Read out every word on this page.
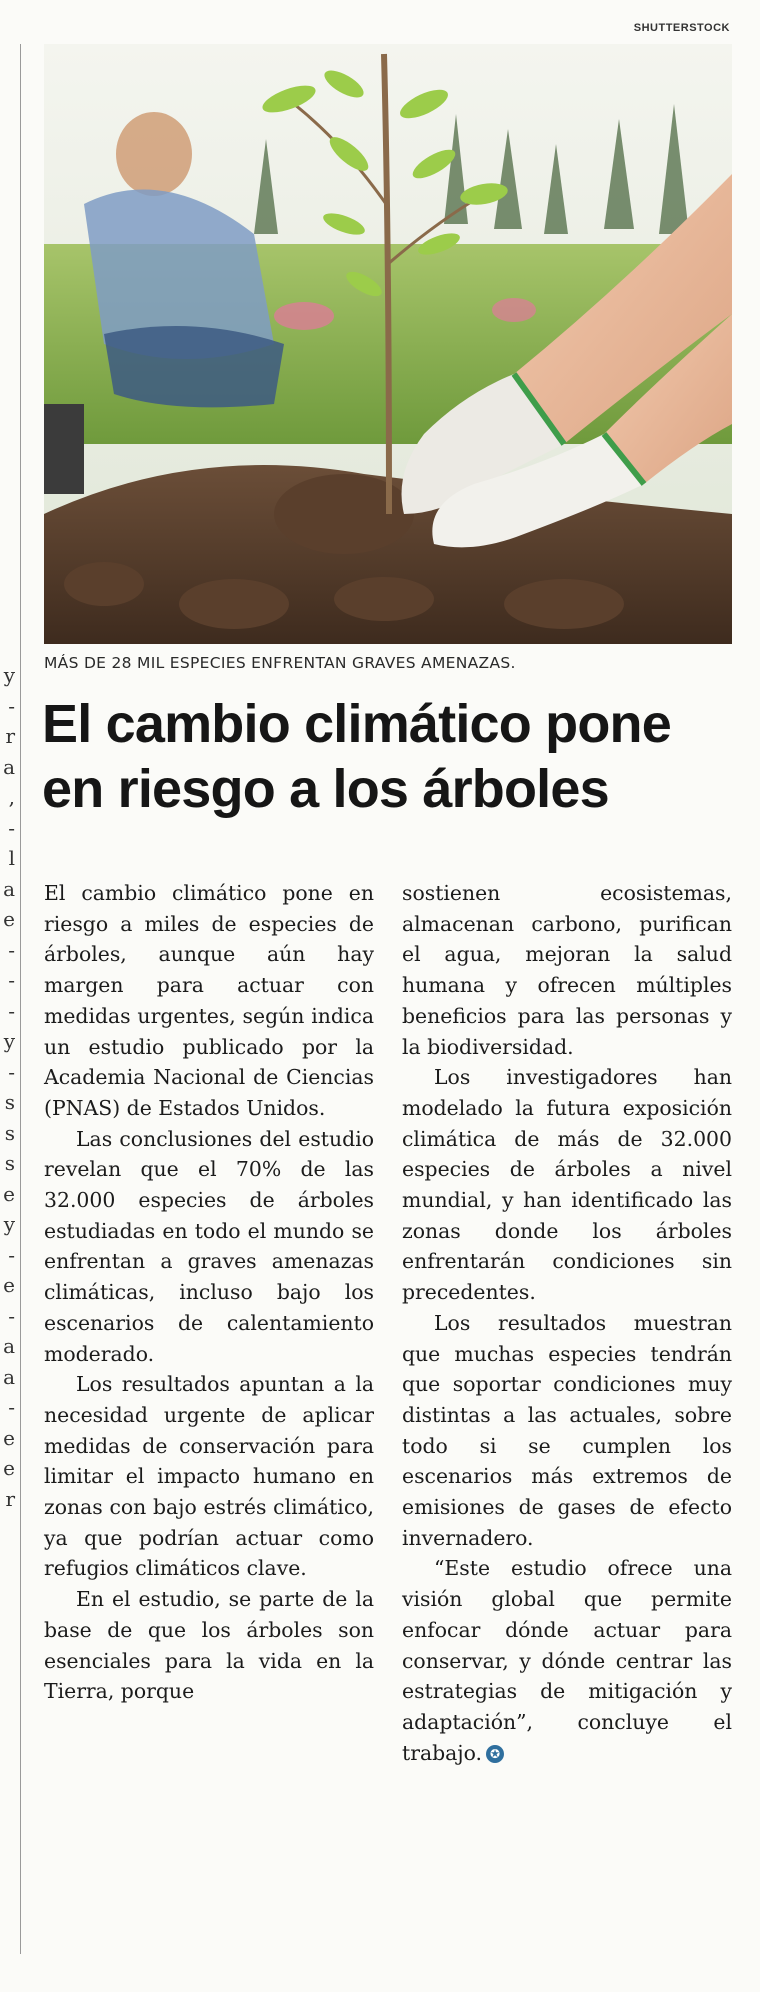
SHUTTERSTOCK
y
-
r
a
,
-
l
a
e
-
-
-
y
-
s
s
s
e
y
-
e
-
a
a
-
e
e
r
MÁS DE 28 MIL ESPECIES ENFRENTAN GRAVES AMENAZAS.
El cambio climático pone en riesgo a los árboles

El cambio climático pone en riesgo a miles de especies de árboles, aunque aún hay margen para actuar con medidas urgentes, según indica un estudio publicado por la Academia Nacional de Ciencias (PNAS) de Estados Unidos.

Las conclusiones del estudio revelan que el 70% de las 32.000 especies de árboles estudiadas en todo el mundo se enfrentan a graves amenazas climáticas, incluso bajo los escenarios de calentamiento moderado.

Los resultados apuntan a la necesidad urgente de aplicar medidas de conservación para limitar el impacto humano en zonas con bajo estrés climático, ya que podrían actuar como refugios climáticos clave.

En el estudio, se parte de la base de que los árboles son esenciales para la vida en la Tierra, porque

sostienen ecosistemas, almacenan carbono, purifican el agua, mejoran la salud humana y ofrecen múltiples beneficios para las personas y la biodiversidad.

Los investigadores han modelado la futura exposición climática de más de 32.000 especies de árboles a nivel mundial, y han identificado las zonas donde los árboles enfrentarán condiciones sin precedentes.

Los resultados muestran que muchas especies tendrán que soportar condiciones muy distintas a las actuales, sobre todo si se cumplen los escenarios más extremos de emisiones de gases de efecto invernadero.

“Este estudio ofrece una visión global que permite enfocar dónde actuar para conservar, y dónde centrar las estrategias de mitigación y adaptación”, concluye el trabajo. ✪
